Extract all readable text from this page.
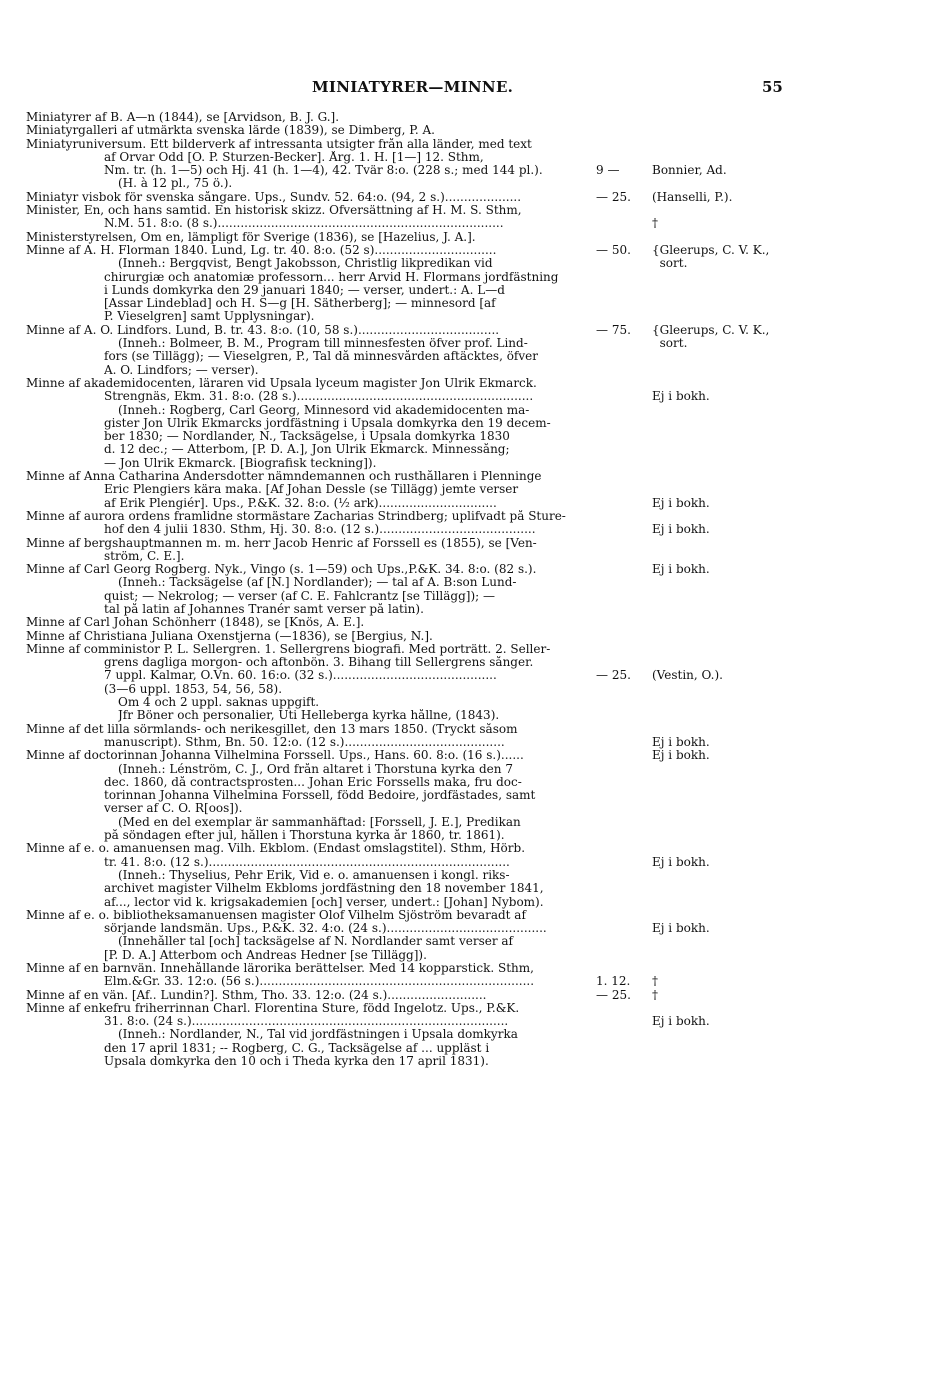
MINIATYRER—MINNE.	55
Miniatyrer af B. A—n (1844), se [Arvidson, B. J. G.].
Miniatyrgalleri af utmärkta svenska lärde (1839), se Dimberg, P. A.
Miniatyruniversum. Ett bilderverk af intressanta utsigter från alla länder, med text
af Orvar Odd [O. P. Sturzen-Becker]. Årg. 1. H. [1—] 12. Sthm,
Nm. tr. (h. 1—5) och Hj. 41 (h. 1—4), 42. Tvär 8:o. (228 s.; med 144 pl.).	9 —	Bonnier, Ad.
(H. à 12 pl., 75 ö.).
Miniatyr visbok för svenska sångare. Ups., Sundv. 52. 64:o. (94, 2 s.)....................	— 25.	(Hanselli, P.).
Minister, En, och hans samtid. En historisk skizz. Öfversättning af H. M. S. Sthm,
N.M. 51. 8:o. (8 s.)...........................................................................	†
Ministerstyrelsen, Om en, lämpligt för Sverige (1836), se [Hazelius, J. A.].
Minne af A. H. Florman 1840. Lund, Lg. tr. 40. 8:o. (52 s)................................	— 50.	{Gleerups, C. V. K.,
(Inneh.: Bergqvist, Bengt Jakobsson, Christlig likpredikan vid	sort.
chirurgiæ och anatomiæ professorn... herr Arvid H. Flormans jordfästning
i Lunds domkyrka den 29 januari 1840; — verser, undert.: A. L—d
[Assar Lindeblad] och H. S—g [H. Sätherberg]; — minnesord [af
P. Vieselgren] samt Upplysningar).
Minne af A. O. Lindfors. Lund, B. tr. 43. 8:o. (10, 58 s.).....................................	— 75.	{Gleerups, C. V. K.,
(Inneh.: Bolmeer, B. M., Program till minnesfesten öfver prof. Lind-	sort.
fors (se Tillägg); — Vieselgren, P., Tal då minnesvården aftäcktes, öfver
A. O. Lindfors; — verser).
Minne af akademidocenten, läraren vid Upsala lyceum magister Jon Ulrik Ekmarck.
Strengnäs, Ekm. 31. 8:o. (28 s.)..............................................................	Ej i bokh.
(Inneh.: Rogberg, Carl Georg, Minnesord vid akademidocenten ma-
gister Jon Ulrik Ekmarcks jordfästning i Upsala domkyrka den 19 decem-
ber 1830; — Nordlander, N., Tacksägelse, i Upsala domkyrka 1830
d. 12 dec.; — Atterbom, [P. D. A.], Jon Ulrik Ekmarck. Minnessång;
— Jon Ulrik Ekmarck. [Biografisk teckning]).
Minne af Anna Catharina Andersdotter nämndemannen och rusthållaren i Plenninge
Eric Plengiers kära maka. [Af Johan Dessle (se Tillägg) jemte verser
af Erik Plengiér]. Ups., P.&K. 32. 8:o. (½ ark)...............................	Ej i bokh.
Minne af aurora ordens framlidne stormästare Zacharias Strindberg; uplifvadt på Sture-
hof den 4 julii 1830. Sthm, Hj. 30. 8:o. (12 s.).........................................	Ej i bokh.
Minne af bergshauptmannen m. m. herr Jacob Henric af Forssell es (1855), se [Ven-
ström, C. E.].
Minne af Carl Georg Rogberg. Nyk., Vingo (s. 1—59) och Ups.,P.&K. 34. 8:o. (82 s.).	Ej i bokh.
(Inneh.: Tacksägelse (af [N.] Nordlander); — tal af A. B:son Lund-
quist; — Nekrolog; — verser (af C. E. Fahlcrantz [se Tillägg]); —
tal på latin af Johannes Tranér samt verser på latin).
Minne af Carl Johan Schönherr (1848), se [Knös, A. E.].
Minne af Christiana Juliana Oxenstjerna (—1836), se [Bergius, N.].
Minne af comministor P. L. Sellergren. 1. Sellergrens biografi. Med porträtt. 2. Seller-
grens dagliga morgon- och aftonbön. 3. Bihang till Sellergrens sånger.
7 uppl. Kalmar, O.Vn. 60. 16:o. (32 s.)...........................................	— 25.	(Vestin, O.).
(3—6 uppl. 1853, 54, 56, 58).
Om 4 och 2 uppl. saknas uppgift.
Jfr Böner och personalier, Uti Helleberga kyrka hållne, (1843).
Minne af det lilla sörmlands- och nerikesgillet, den 13 mars 1850. (Tryckt såsom
manuscript). Sthm, Bn. 50. 12:o. (12 s.)..........................................	Ej i bokh.
Minne af doctorinnan Johanna Vilhelmina Forssell. Ups., Hans. 60. 8:o. (16 s.)......	Ej i bokh.
(Inneh.: Lénström, C. J., Ord från altaret i Thorstuna kyrka den 7
dec. 1860, då contractsprosten... Johan Eric Forssells maka, fru doc-
torinnan Johanna Vilhelmina Forssell, född Bedoire, jordfästades, samt
verser af C. O. R[oos]).
(Med en del exemplar är sammanhäftad: [Forssell, J. E.], Predikan
på söndagen efter jul, hållen i Thorstuna kyrka år 1860, tr. 1861).
Minne af e. o. amanuensen mag. Vilh. Ekblom. (Endast omslagstitel). Sthm, Hörb.
tr. 41. 8:o. (12 s.)...............................................................................	Ej i bokh.
(Inneh.: Thyselius, Pehr Erik, Vid e. o. amanuensen i kongl. riks-
archivet magister Vilhelm Ekbloms jordfästning den 18 november 1841,
af..., lector vid k. krigsakademien [och] verser, undert.: [Johan] Nybom).
Minne af e. o. bibliotheksamanuensen magister Olof Vilhelm Sjöström bevaradt af
sörjande landsmän. Ups., P.&K. 32. 4:o. (24 s.)..........................................	Ej i bokh.
(Innehåller tal [och] tacksägelse af N. Nordlander samt verser af
[P. D. A.] Atterbom och Andreas Hedner [se Tillägg]).
Minne af en barnvän. Innehållande lärorika berättelser. Med 14 kopparstick. Sthm,
Elm.&Gr. 33. 12:o. (56 s.)........................................................................	1. 12.	†
Minne af en vän. [Af.. Lundin?]. Sthm, Tho. 33. 12:o. (24 s.)..........................	— 25.	†
Minne af enkefru friherrinnan Charl. Florentina Sture, född Ingelotz. Ups., P.&K.
31. 8:o. (24 s.)...................................................................................	Ej i bokh.
(Inneh.: Nordlander, N., Tal vid jordfästningen i Upsala domkyrka
den 17 april 1831; -- Rogberg, C. G., Tacksägelse af ... uppläst i
Upsala domkyrka den 10 och i Theda kyrka den 17 april 1831).
